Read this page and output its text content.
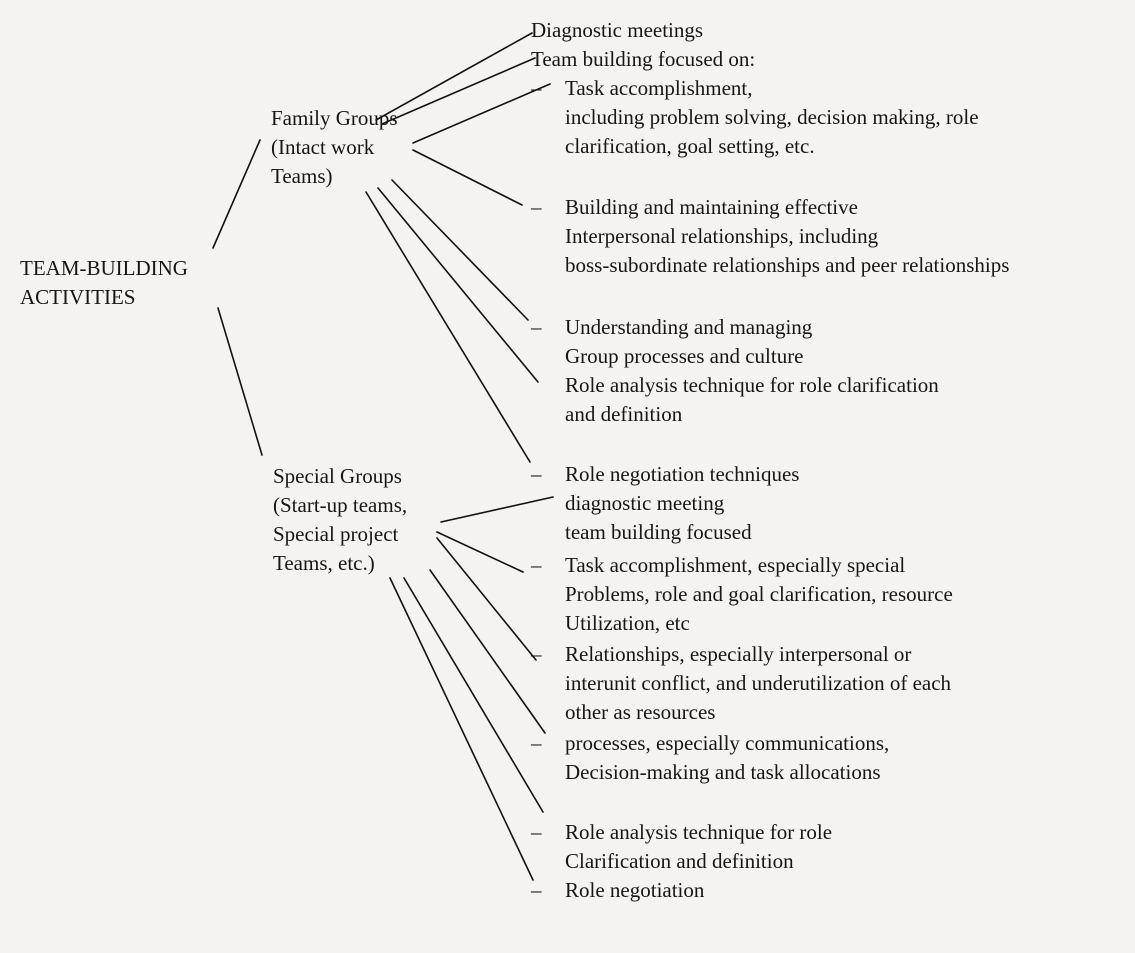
TEAM-BUILDING
ACTIVITIES
Family Groups
(Intact work
Teams)
Special Groups
(Start-up teams,
Special project
Teams, etc.)
Diagnostic meetings
Team building focused on:
– Task accomplishment,
including problem solving, decision making, role
clarification, goal setting, etc.
– Building and maintaining effective
Interpersonal relationships, including
boss-subordinate relationships and peer relationships
– Understanding and managing
Group processes and culture
Role analysis technique for role clarification
and definition
– Role negotiation techniques
diagnostic meeting
team building focused
– Task accomplishment, especially special
Problems, role and goal clarification, resource
Utilization, etc
– Relationships, especially interpersonal or
interunit conflict, and underutilization of each
other as resources
– processes, especially communications,
Decision-making and task allocations
– Role analysis technique for role
Clarification and definition
– Role negotiation
